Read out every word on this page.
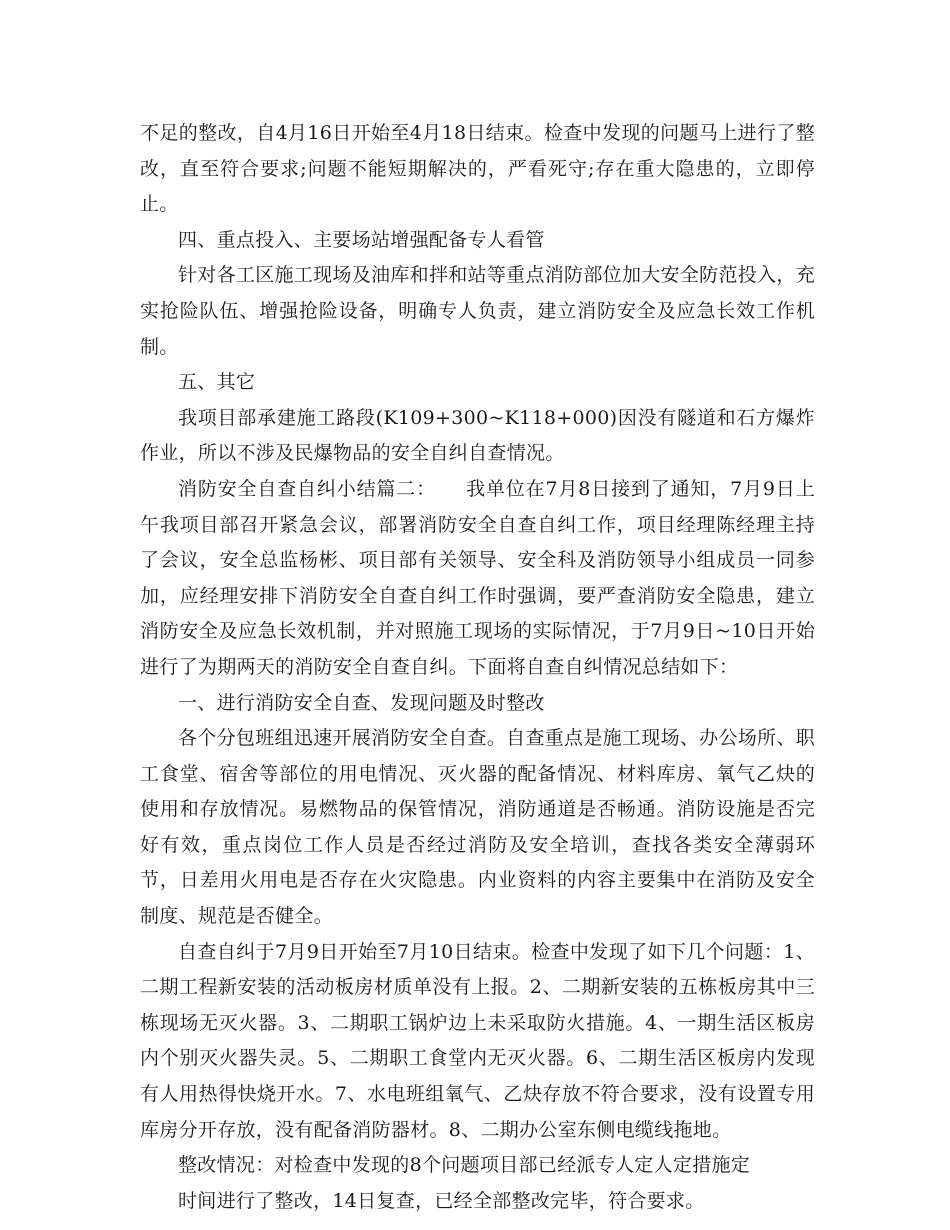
不足的整改，自4月16日开始至4月18日结束。检查中发现的问题马上进行了整改，直至符合要求;问题不能短期解决的，严看死守;存在重大隐患的，立即停止。

四、重点投入、主要场站增强配备专人看管

针对各工区施工现场及油库和拌和站等重点消防部位加大安全防范投入，充实抢险队伍、增强抢险设备，明确专人负责，建立消防安全及应急长效工作机制。

五、其它

我项目部承建施工路段(K109+300~K118+000)因没有隧道和石方爆炸作业，所以不涉及民爆物品的安全自纠自查情况。

消防安全自查自纠小结篇二：　　我单位在7月8日接到了通知，7月9日上午我项目部召开紧急会议，部署消防安全自查自纠工作，项目经理陈经理主持了会议，安全总监杨彬、项目部有关领导、安全科及消防领导小组成员一同参加，应经理安排下消防安全自查自纠工作时强调，要严查消防安全隐患，建立消防安全及应急长效机制，并对照施工现场的实际情况，于7月9日~10日开始进行了为期两天的消防安全自查自纠。下面将自查自纠情况总结如下：

一、进行消防安全自查、发现问题及时整改

各个分包班组迅速开展消防安全自查。自查重点是施工现场、办公场所、职工食堂、宿舍等部位的用电情况、灭火器的配备情况、材料库房、氧气乙炔的使用和存放情况。易燃物品的保管情况，消防通道是否畅通。消防设施是否完好有效，重点岗位工作人员是否经过消防及安全培训，查找各类安全薄弱环节，日差用火用电是否存在火灾隐患。内业资料的内容主要集中在消防及安全制度、规范是否健全。

自查自纠于7月9日开始至7月10日结束。检查中发现了如下几个问题：1、二期工程新安装的活动板房材质单没有上报。2、二期新安装的五栋板房其中三栋现场无灭火器。3、二期职工锅炉边上未采取防火措施。4、一期生活区板房内个别灭火器失灵。5、二期职工食堂内无灭火器。6、二期生活区板房内发现有人用热得快烧开水。7、水电班组氧气、乙炔存放不符合要求，没有设置专用库房分开存放，没有配备消防器材。8、二期办公室东侧电缆线拖地。

整改情况：对检查中发现的8个问题项目部已经派专人定人定措施定

时间进行了整改，14日复查，已经全部整改完毕，符合要求。
